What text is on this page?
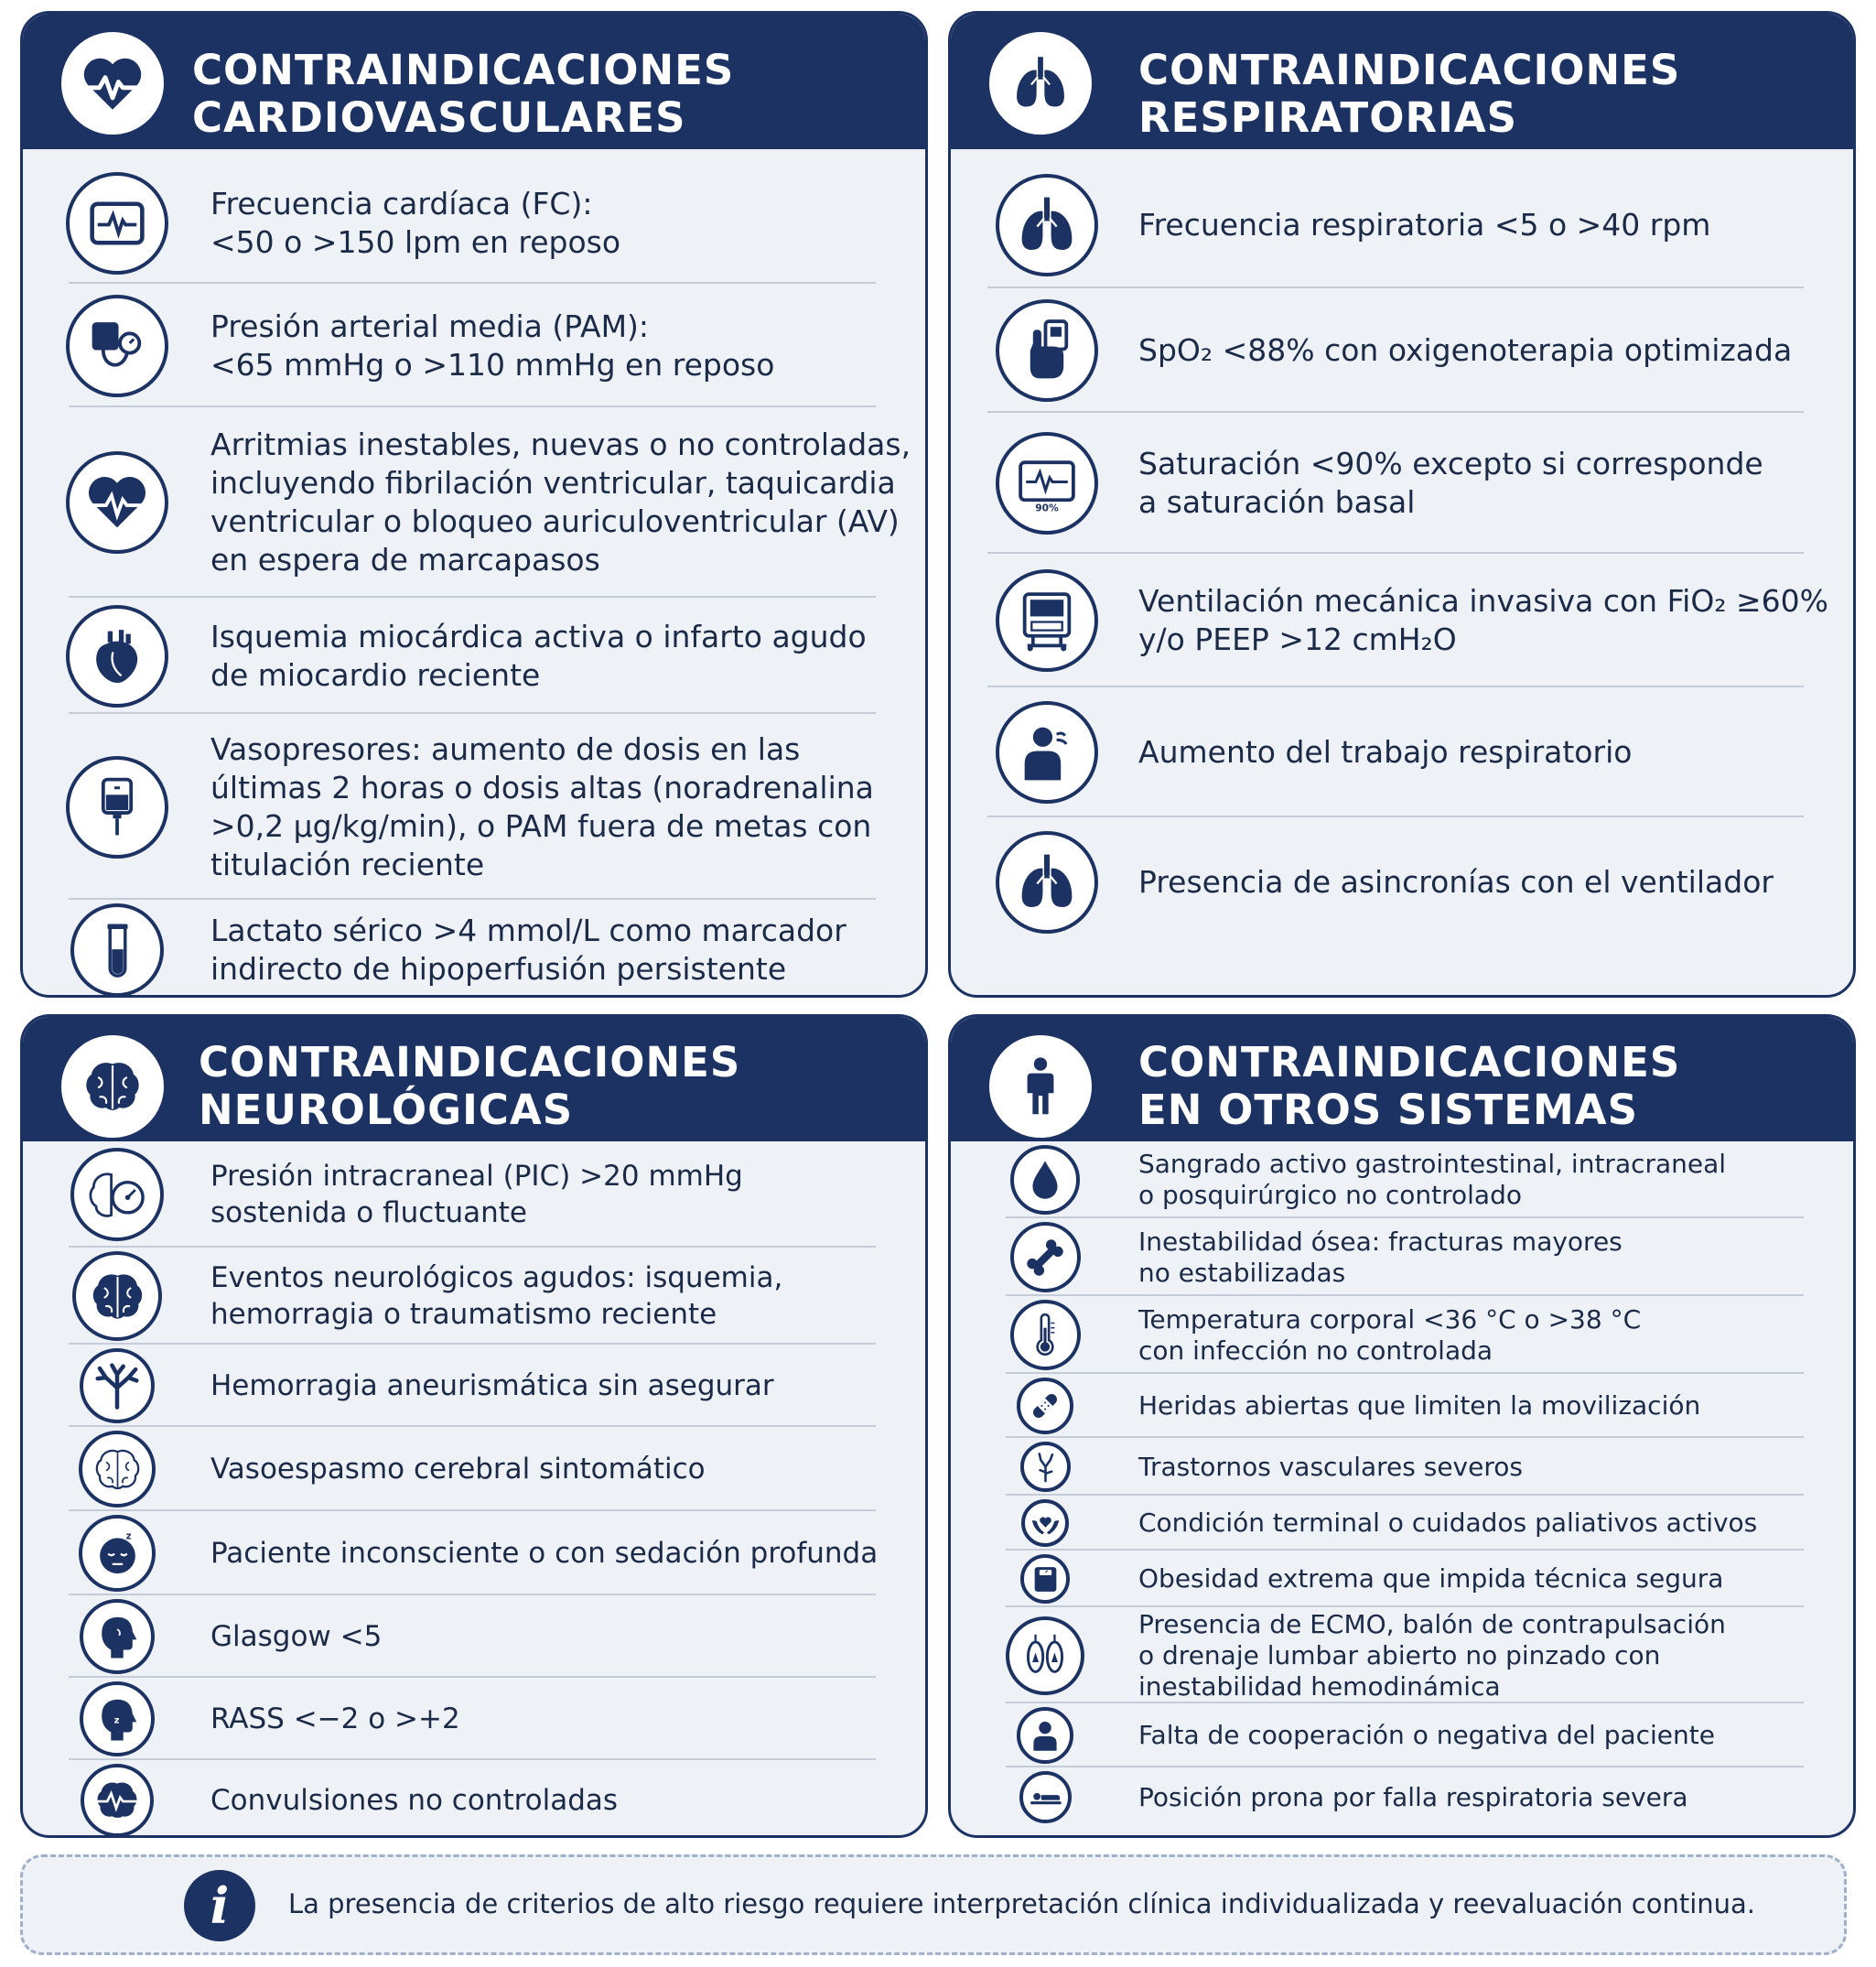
CONTRAINDICACIONES
CARDIOVASCULARES

Frecuencia cardíaca (FC):
<50 o >150 lpm en reposo

Presión arterial media (PAM):
<65 mmHg o >110 mmHg en reposo

Arritmias inestables, nuevas o no controladas,
incluyendo fibrilación ventricular, taquicardia
ventricular o bloqueo auriculoventricular (AV)
en espera de marcapasos

Isquemia miocárdica activa o infarto agudo
de miocardio reciente

Vasopresores: aumento de dosis en las
últimas 2 horas o dosis altas (noradrenalina
>0,2 µg/kg/min), o PAM fuera de metas con
titulación reciente

Lactato sérico >4 mmol/L como marcador
indirecto de hipoperfusión persistente

CONTRAINDICACIONES
RESPIRATORIAS

Frecuencia respiratoria <5 o >40 rpm

SpO₂ <88% con oxigenoterapia optimizada

90%

Saturación <90% excepto si corresponde
a saturación basal

Ventilación mecánica invasiva con FiO₂ ≥60%
y/o PEEP >12 cmH₂O

Aumento del trabajo respiratorio

Presencia de asincronías con el ventilador

CONTRAINDICACIONES
NEUROLÓGICAS

Presión intracraneal (PIC) >20 mmHg
sostenida o fluctuante

Eventos neurológicos agudos: isquemia,
hemorragia o traumatismo reciente

Hemorragia aneurismática sin asegurar

Vasoespasmo cerebral sintomático

z

Paciente inconsciente o con sedación profunda

Glasgow <5

z	RASS <−2 o >+2

Convulsiones no controladas

CONTRAINDICACIONES
EN OTROS SISTEMAS

Sangrado activo gastrointestinal, intracraneal
o posquirúrgico no controlado

Inestabilidad ósea: fracturas mayores
no estabilizadas

Temperatura corporal <36 °C o >38 °C
con infección no controlada

Heridas abiertas que limiten la movilización

Trastornos vasculares severos

Condición terminal o cuidados paliativos activos

Obesidad extrema que impida técnica segura

Presencia de ECMO, balón de contrapulsación
o drenaje lumbar abierto no pinzado con
inestabilidad hemodinámica

Falta de cooperación o negativa del paciente

Posición prona por falla respiratoria severa

i	La presencia de criterios de alto riesgo requiere interpretación clínica individualizada y reevaluación continua.
